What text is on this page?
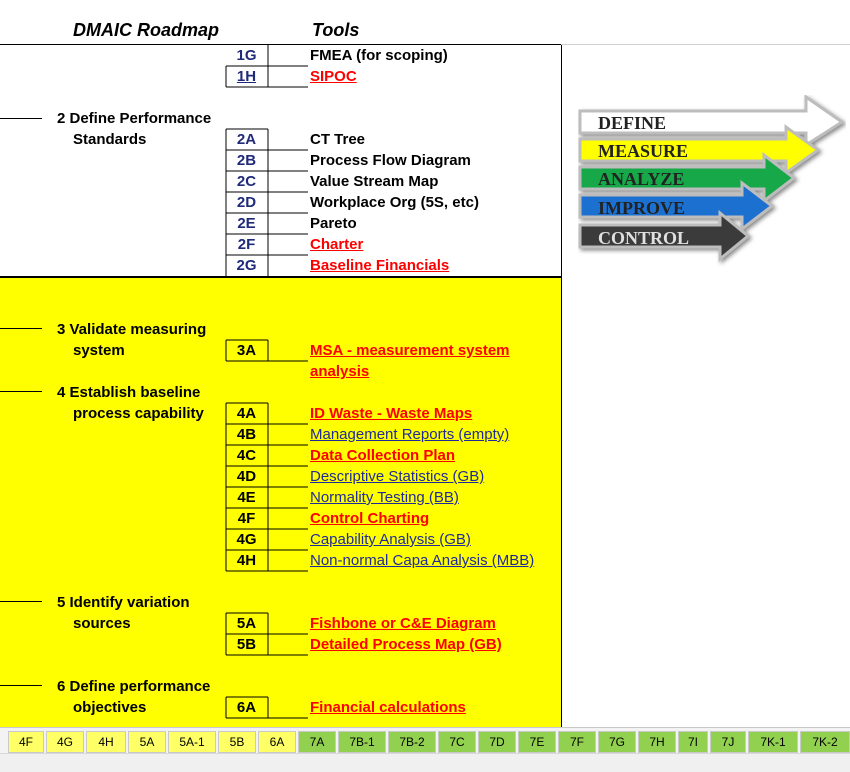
DMAIC Roadmap	Tools
2 Define Performance
Standards
3 Validate measuring
system
4 Establish baseline
process capability
5 Identify variation
sources
6 Define performance
objectives
1G	FMEA (for scoping)
1H	SIPOC
2A	CT Tree
2B	Process Flow Diagram
2C	Value Stream Map
2D	Workplace Org (5S, etc)
2E	Pareto
2F	Charter
2G	Baseline Financials
3A	MSA - measurement system
analysis
4A	ID Waste - Waste Maps
4B	Management Reports (empty)
4C	Data Collection Plan
4D	Descriptive Statistics (GB)
4E	Normality Testing (BB)
4F	Control Charting
4G	Capability Analysis (GB)
4H	Non-normal Capa Analysis (MBB)
5A	Fishbone or C&E Diagram
5B	Detailed Process Map (GB)
6A	Financial calculations
DEFINE
MEASURE
ANALYZE
IMPROVE
CONTROL
4F	4G	4H	5A	5A-1	5B	6A	7A	7B-1	7B-2	7C	7D	7E	7F	7G	7H	7I	7J	7K-1	7K-2
